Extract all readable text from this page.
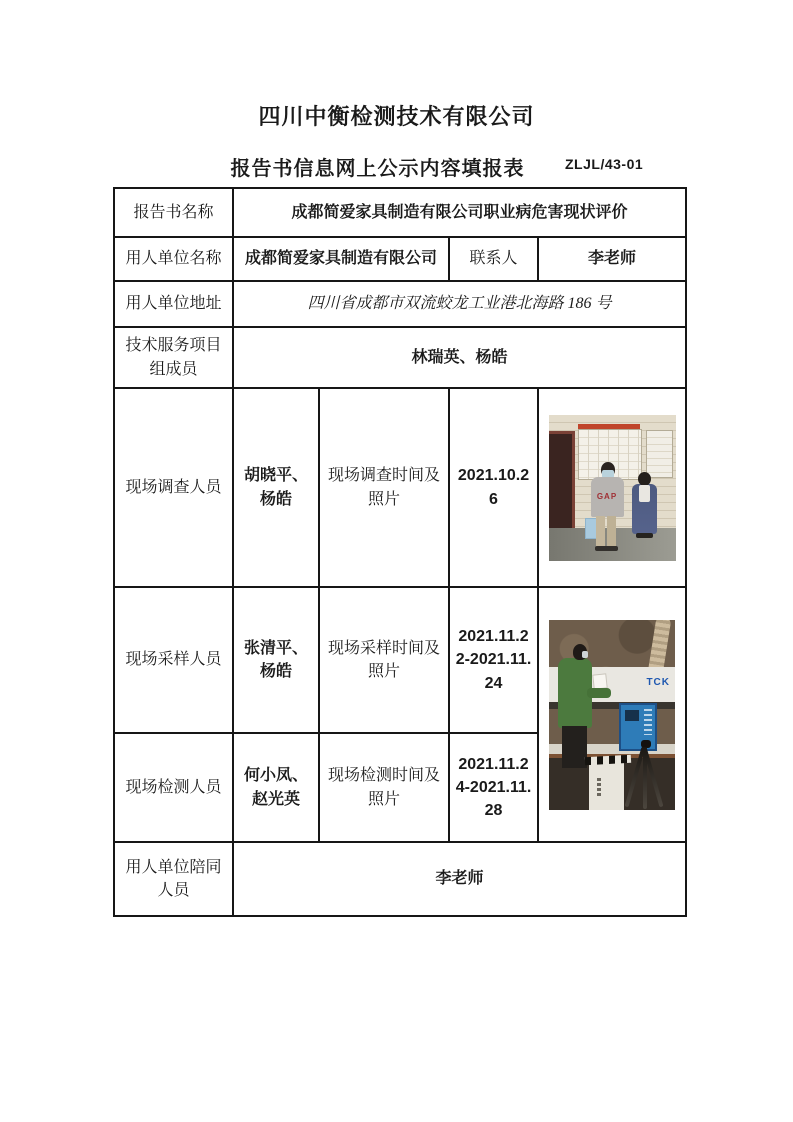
四川中衡检测技术有限公司
报告书信息网上公示内容填报表	ZLJL/43-01
报告书名称	成都简爱家具制造有限公司职业病危害现状评价			
用人单位名称	成都简爱家具制造有限公司		联系人	李老师
用人单位地址	四川省成都市双流蛟龙工业港北海路 186 号			
技术服务项目组成员	林瑞英、杨皓			
现场调查人员	胡晓平、杨皓	现场调查时间及照片	2021.10.26	GAP

现场采样人员	张清平、杨皓	现场采样时间及照片	2021.11.22-2021.11.24	TCK

现场检测人员	何小凤、赵光英	现场检测时间及照片	2021.11.24-2021.11.28	
用人单位陪同人员	李老师			
